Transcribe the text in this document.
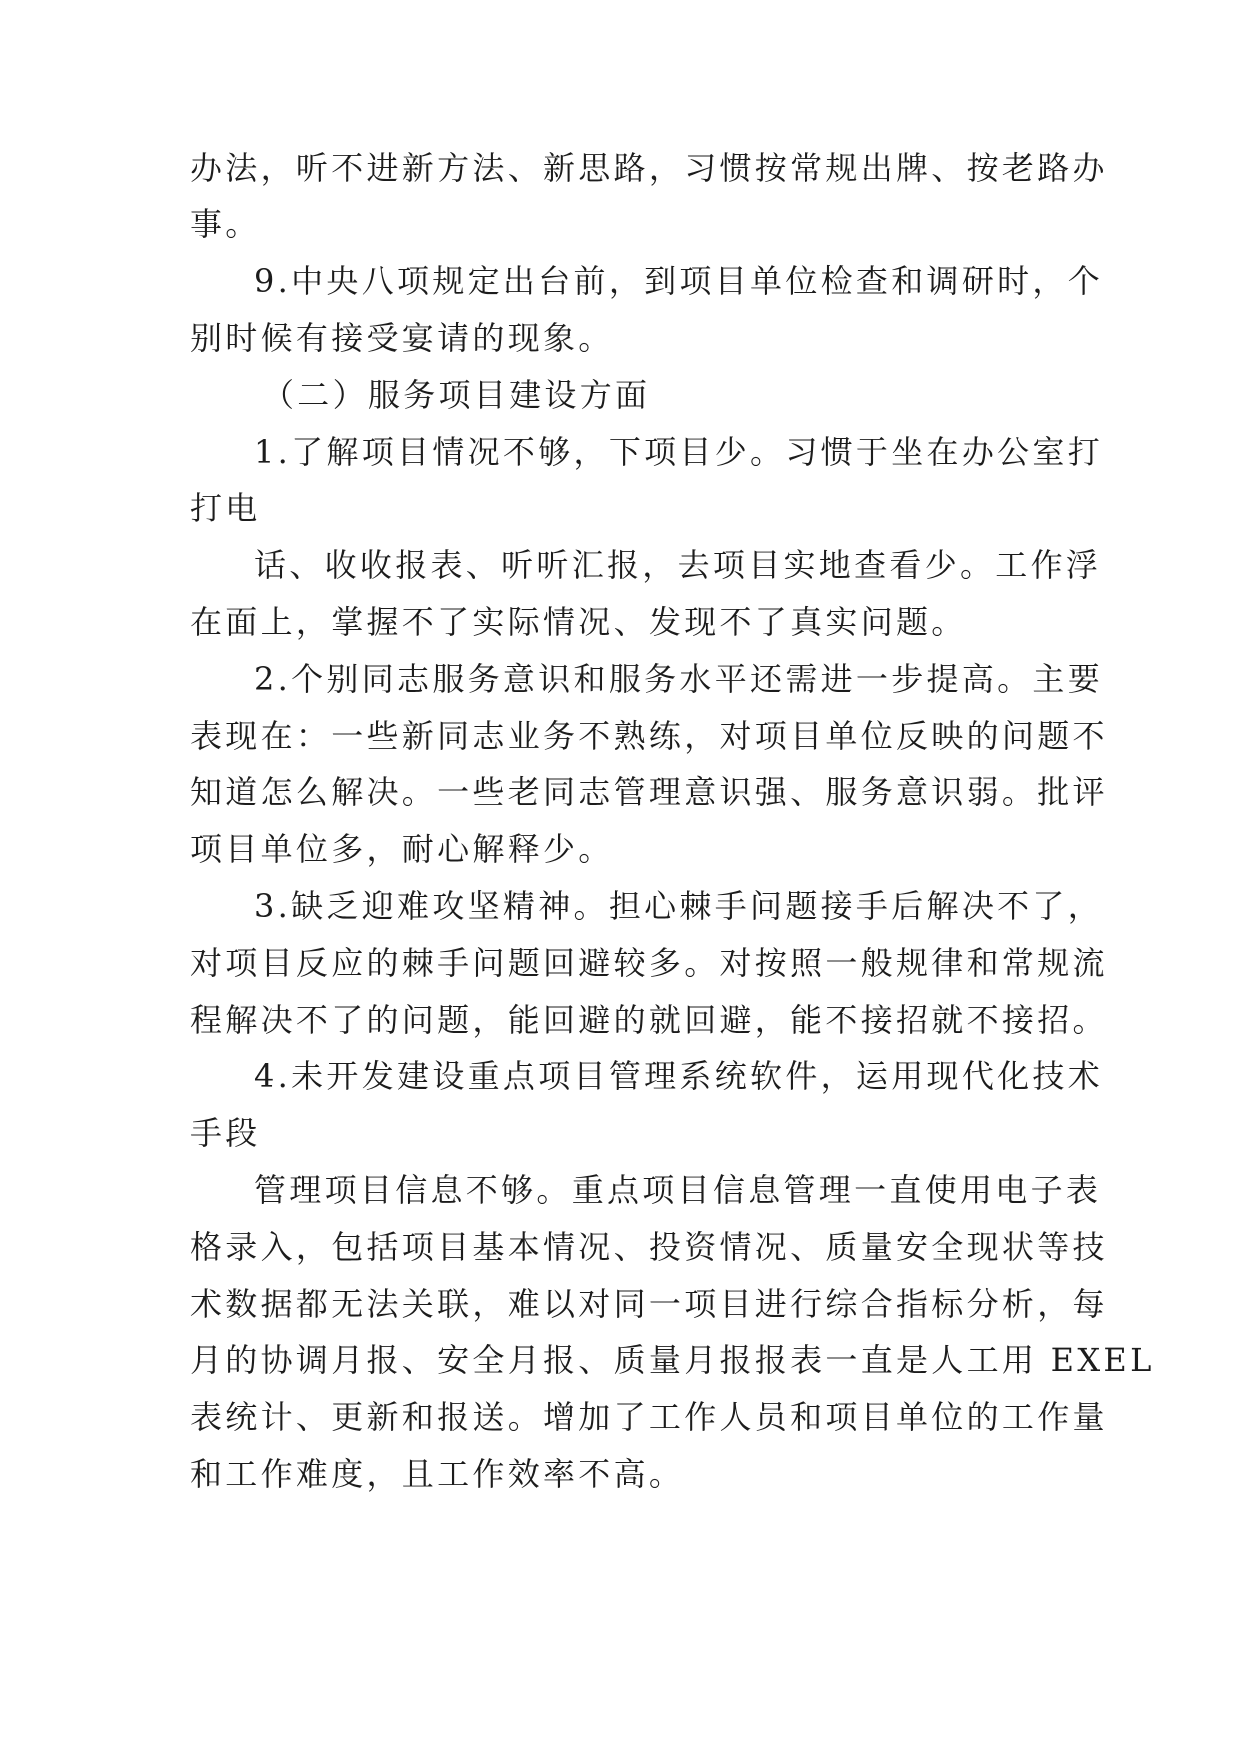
办法，听不进新方法、新思路，习惯按常规出牌、按老路办

事。

9.中央八项规定出台前，到项目单位检查和调研时，个

别时候有接受宴请的现象。

（二）服务项目建设方面

1.了解项目情况不够，下项目少。习惯于坐在办公室打

打电

话、收收报表、听听汇报，去项目实地查看少。工作浮

在面上，掌握不了实际情况、发现不了真实问题。

2.个别同志服务意识和服务水平还需进一步提高。主要

表现在：一些新同志业务不熟练，对项目单位反映的问题不

知道怎么解决。一些老同志管理意识强、服务意识弱。批评

项目单位多，耐心解释少。

3.缺乏迎难攻坚精神。担心棘手问题接手后解决不了，

对项目反应的棘手问题回避较多。对按照一般规律和常规流

程解决不了的问题，能回避的就回避，能不接招就不接招。

4.未开发建设重点项目管理系统软件，运用现代化技术

手段

管理项目信息不够。重点项目信息管理一直使用电子表

格录入，包括项目基本情况、投资情况、质量安全现状等技

术数据都无法关联，难以对同一项目进行综合指标分析，每

月的协调月报、安全月报、质量月报报表一直是人工用 EXEL

表统计、更新和报送。增加了工作人员和项目单位的工作量

和工作难度，且工作效率不高。
